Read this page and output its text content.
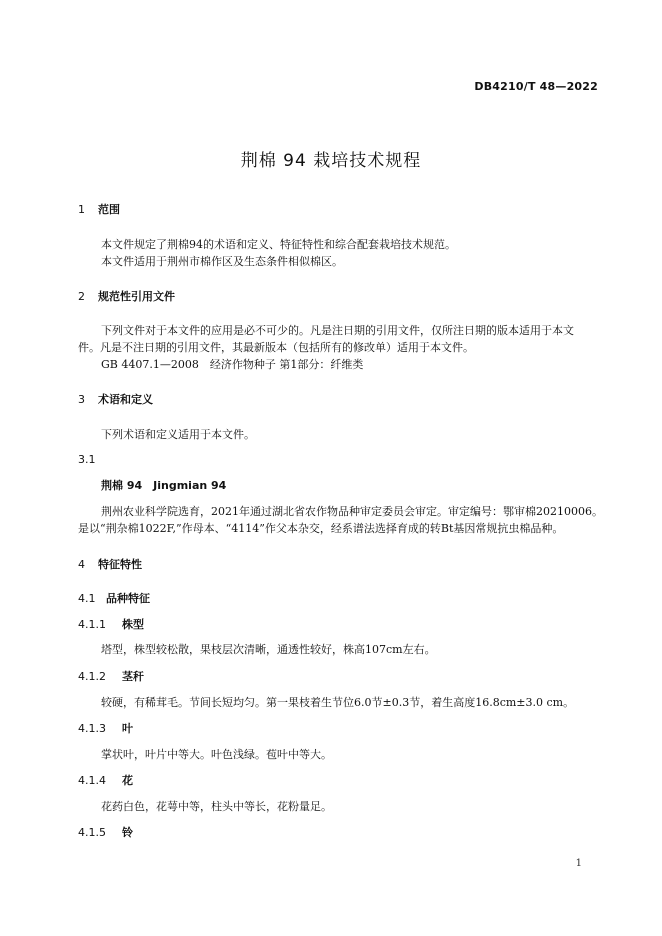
DB4210/T 48—2022
荆棉 94 栽培技术规程
1 范围
本文件规定了荆棉94的术语和定义、特征特性和综合配套栽培技术规范。
本文件适用于荆州市棉作区及生态条件相似棉区。
2 规范性引用文件
下列文件对于本文件的应用是必不可少的。凡是注日期的引用文件，仅所注日期的版本适用于本文
件。凡是不注日期的引用文件，其最新版本（包括所有的修改单）适用于本文件。
GB 4407.1—2008　经济作物种子 第1部分：纤维类
3 术语和定义
下列术语和定义适用于本文件。
3.1
荆棉 94　Jingmian 94
荆州农业科学院选育，2021年通过湖北省农作物品种审定委员会审定。审定编号：鄂审棉20210006。
是以“荆杂棉1022F,”作母本、“4114”作父本杂交，经系谱法选择育成的转Bt基因常规抗虫棉品种。
4 特征特性
4.1 品种特征
4.1.1 株型
塔型，株型较松散，果枝层次清晰，通透性较好，株高107cm左右。
4.1.2 茎秆
较硬，有稀茸毛。节间长短均匀。第一果枝着生节位6.0节±0.3节，着生高度16.8cm±3.0 cm。
4.1.3 叶
掌状叶，叶片中等大。叶色浅绿。苞叶中等大。
4.1.4 花
花药白色，花萼中等，柱头中等长，花粉量足。
4.1.5 铃
1
